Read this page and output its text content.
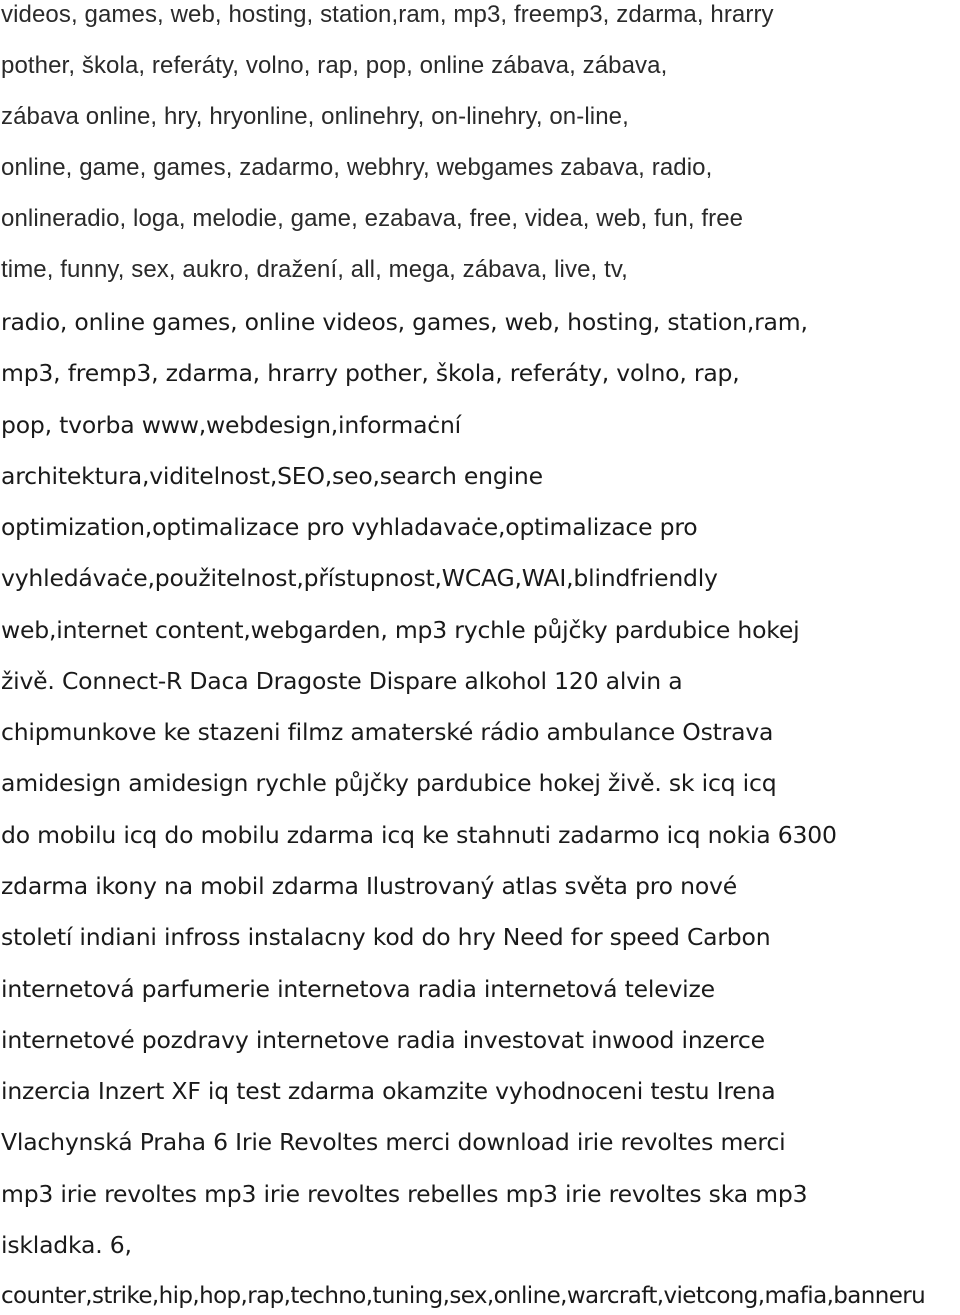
videos, games, web, hosting, station,ram, mp3, freemp3, zdarma, hrarry
pother, škola, referáty, volno, rap, pop, online zábava, zábava,
zábava online, hry, hryonline, onlinehry, on-linehry, on-line,
online, game, games, zadarmo, webhry, webgames zabava, radio,
onlineradio, loga, melodie, game, ezabava, free, videa, web, fun, free
time, funny, sex, aukro, dražení, all, mega, zábava, live, tv,
radio, online games, online videos, games, web, hosting, station,ram,
mp3, fremp3, zdarma, hrarry pother, škola, referáty, volno, rap,
pop, tvorba www,webdesign,informaċní
architektura,viditelnost,SEO,seo,search engine
optimization,optimalizace pro vyhladavaċe,optimalizace pro
vyhledávaċe,použitelnost,přístupnost,WCAG,WAI,blindfriendly
web,internet content,webgarden, mp3 rychle půjčky pardubice hokej
živě. Connect-R Daca Dragoste Dispare alkohol 120 alvin a
chipmunkove ke stazeni filmz amaterské rádio ambulance Ostrava
amidesign amidesign rychle půjčky pardubice hokej živě. sk icq icq
do mobilu icq do mobilu zdarma icq ke stahnuti zadarmo icq nokia 6300
zdarma ikony na mobil zdarma Ilustrovaný atlas světa pro nové
století indiani infross instalacny kod do hry Need for speed Carbon
internetová parfumerie internetova radia internetová televize
internetové pozdravy internetove radia investovat inwood inzerce
inzercia Inzert XF iq test zdarma okamzite vyhodnoceni testu Irena
Vlachynská Praha 6 Irie Revoltes merci download irie revoltes merci
mp3 irie revoltes mp3 irie revoltes rebelles mp3 irie revoltes ska mp3
iskladka. 6,
counter,strike,hip,hop,rap,techno,tuning,sex,online,warcraft,vietcong,mafia,banneru
